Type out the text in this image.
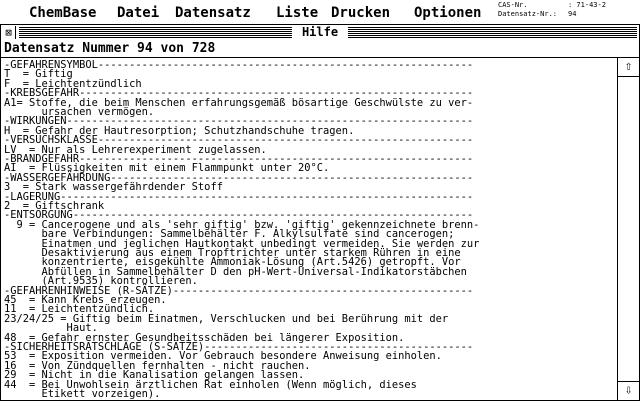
ChemBase Datei Datensatz Liste Drucken Optionen CAS-Nr.	: 71-43-2

Datensatz-Nr.: 94
⊠	Hilfe
Datensatz Nummer 94 von 728
-GEFAHRENSYMBOL------------------------------------------------------------
T  = Giftig
F  = Leichtentzündlich
-KREBSGEFAHR---------------------------------------------------------------
A1= Stoffe, die beim Menschen erfahrungsgemäß bösartige Geschwülste zu ver-
ursachen vermögen.
-WIRKUNGEN-----------------------------------------------------------------
H  = Gefahr der Hautresorption; Schutzhandschuhe tragen.
-VERSUCHSKLASSE------------------------------------------------------------
LV  = Nur als Lehrerexperiment zugelassen.
-BRANDGEFAHR---------------------------------------------------------------
AI  = Flüssigkeiten mit einem Flammpunkt unter 20°C.
-WASSERGEFÄHRDUNG----------------------------------------------------------
3  = Stark wassergefährdender Stoff
-LAGERUNG------------------------------------------------------------------
2  = Giftschrank
-ENTSORGUNG----------------------------------------------------------------
9 = Cancerogene und als 'sehr giftig' bzw. 'giftig' gekennzeichnete brenn-
bare Verbindungen: Sammelbehälter F. Alkylsulfate sind cancerogen;
Einatmen und jeglichen Hautkontakt unbedingt vermeiden. Sie werden zur
Desaktivierung aus einem Tropftrichter unter starkem Rühren in eine
konzentrierte, eisgekühlte Ammoniak-Lösung (Art.5426) getropft. Vor
Abfüllen in Sammelbehälter D den pH-Wert-Universal-Indikatorstäbchen
(Art.9535) kontrollieren.
-GEFAHRENHINWEISE (R-SÄTZE)------------------------------------------------
45  = Kann Krebs erzeugen.
11  = Leichtentzündlich.
23/24/25 = Giftig beim Einatmen, Verschlucken und bei Berührung mit der
Haut.
48  = Gefahr ernster Gesundheitsschäden bei längerer Exposition.
-SICHERHEITSRATSCHLÄGE (S-SÄTZE)-------------------------------------------
53  = Exposition vermeiden. Vor Gebrauch besondere Anweisung einholen.
16  = Von Zündquellen fernhalten - nicht rauchen.
29  = Nicht in die Kanalisation gelangen lassen.
44  = Bei Unwohlsein ärztlichen Rat einholen (Wenn möglich, dieses
Etikett vorzeigen).
⇧
⇩
